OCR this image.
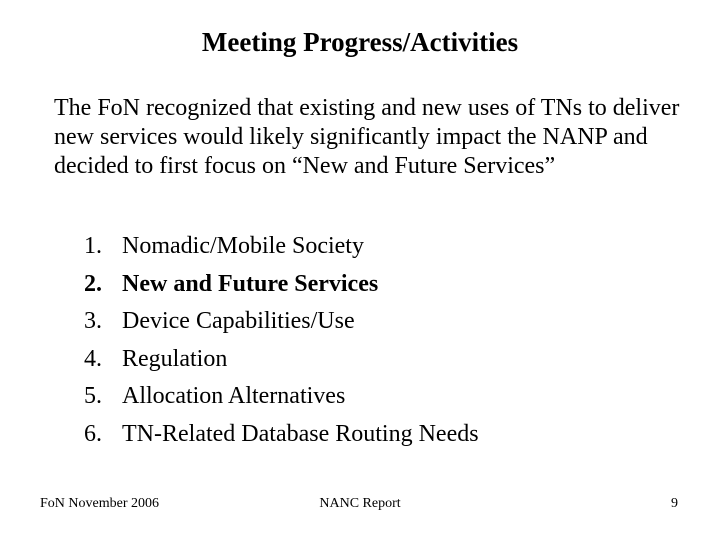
Meeting Progress/Activities
The FoN recognized that existing and new uses of TNs to deliver new services would likely significantly impact the NANP and decided to first focus on “New and Future Services”
1. Nomadic/Mobile Society
2. New and Future Services
3. Device Capabilities/Use
4. Regulation
5. Allocation Alternatives
6. TN-Related Database Routing Needs
NANC Report
FoN November 2006	9
